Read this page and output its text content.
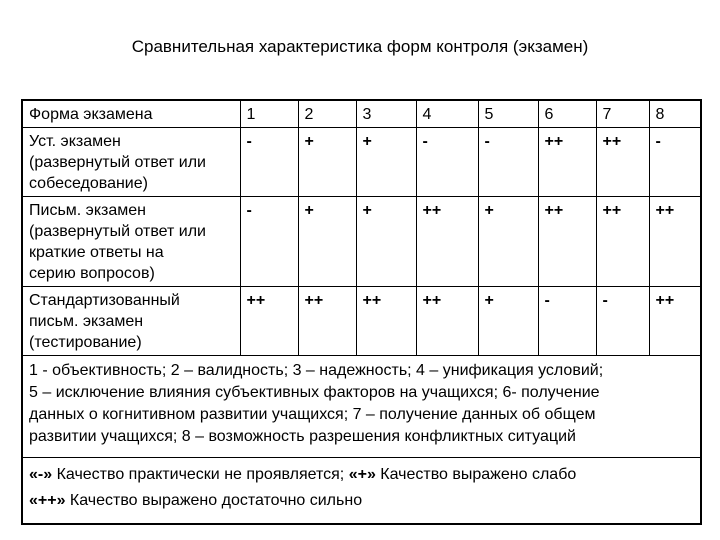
Сравнительная характеристика форм контроля (экзамен)
Форма экзамена	1	2	3	4	5	6	7	8

Уст. экзамен
(развернутый ответ или
собеседование)	-	+	+	-	-	++	++	-

Письм. экзамен
(развернутый ответ или
краткие ответы на
серию вопросов)	-	+	+	++	+	++	++	++

Стандартизованный
письм. экзамен
(тестирование)	++	++	++	++	+	-	-	++

1 - объективность; 2 – валидность; 3 – надежность; 4 – унификация условий;
5 – исключение влияния субъективных факторов на учащихся; 6- получение
данных о когнитивном развитии учащихся; 7 – получение данных об общем
развитии учащихся; 8 – возможность разрешения конфликтных ситуаций								

«-» Качество практически не проявляется; «+» Качество выражено слабо
«++» Качество выражено достаточно сильно								
